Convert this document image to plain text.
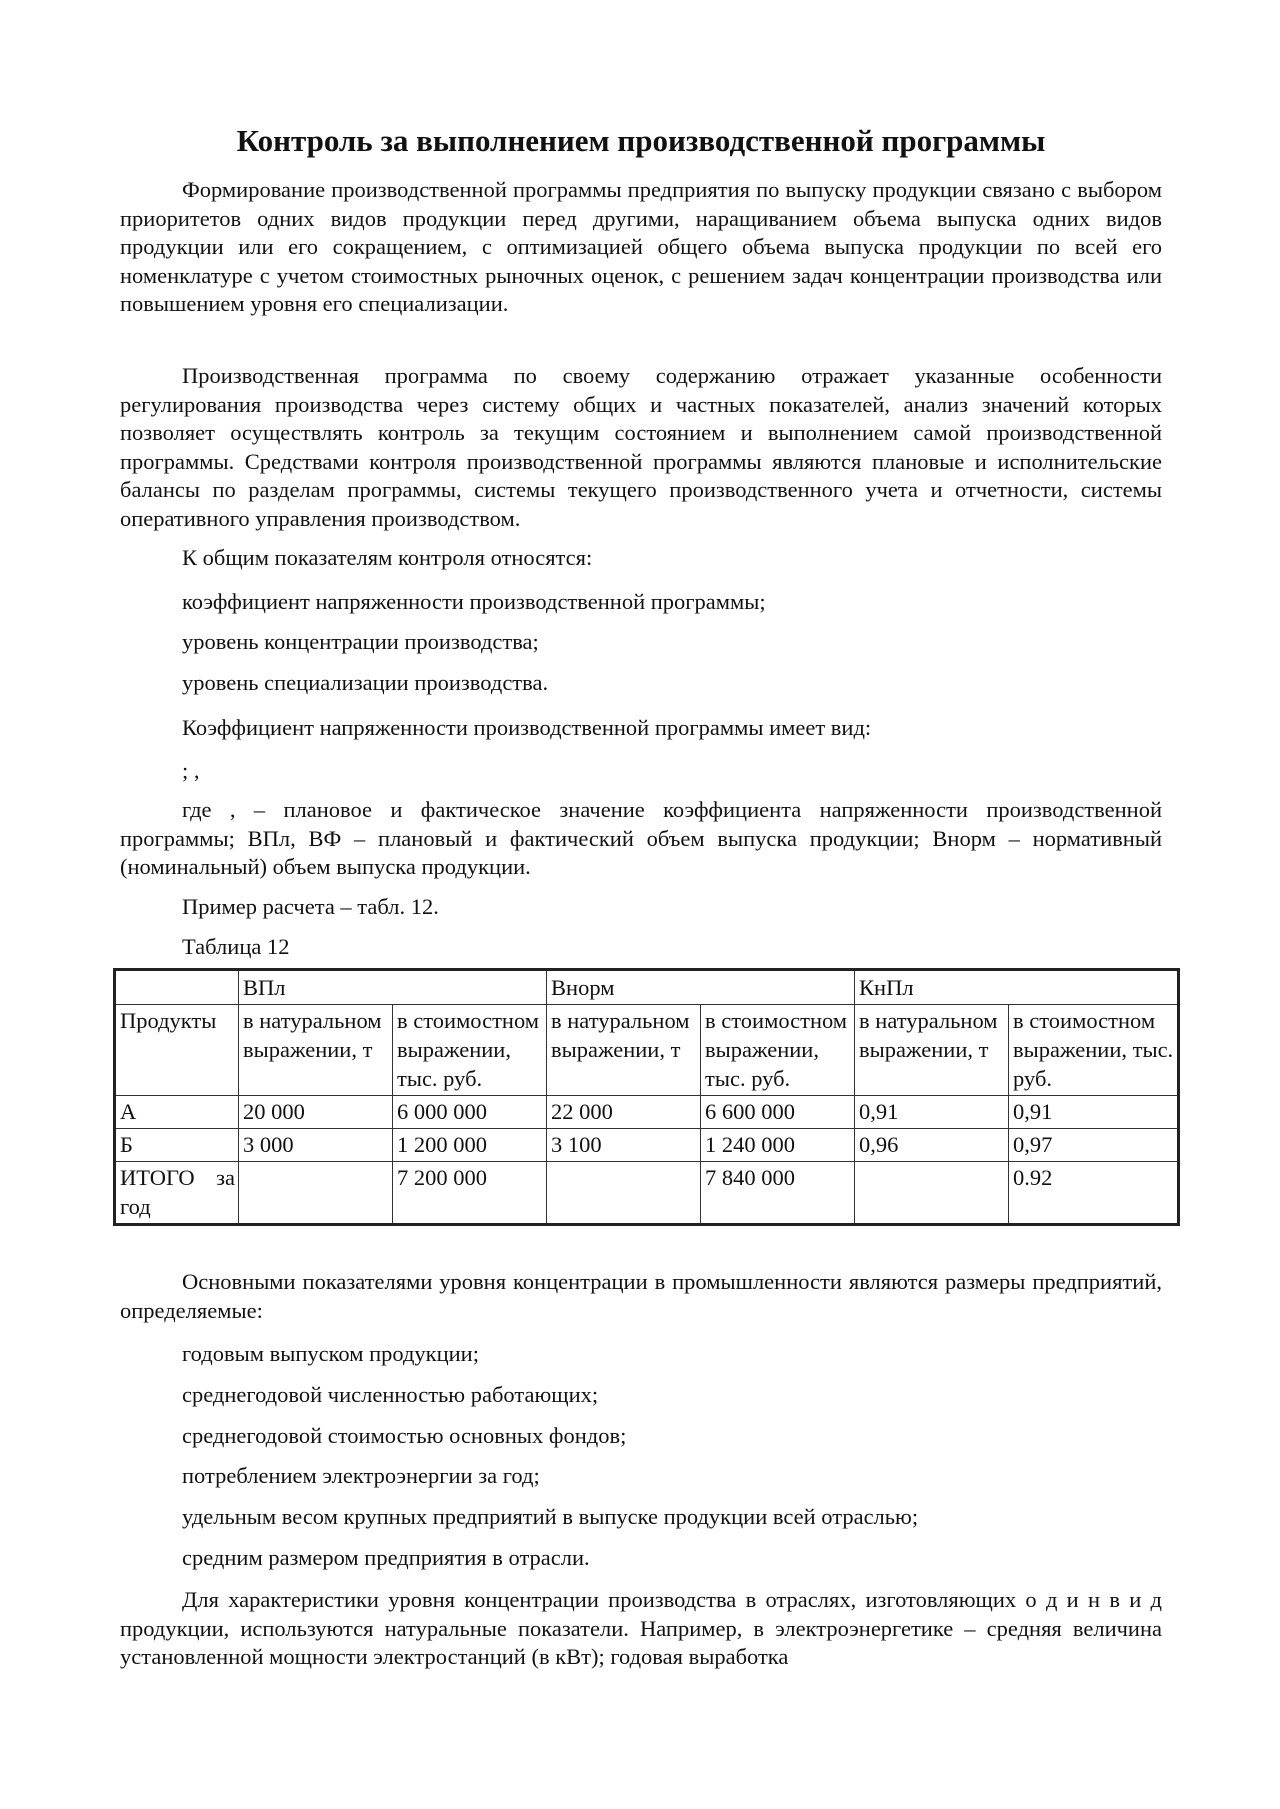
Контроль за выполнением производственной программы

Формирование производственной программы предприятия по выпуску продукции связано с выбором приоритетов одних видов продукции перед другими, наращиванием объема выпуска одних видов продукции или его сокращением, с оптимизацией общего объема выпуска продукции по всей его номенклатуре с учетом стоимостных рыночных оценок, с решением задач концентрации производства или повышением уровня его специализации.

Производственная программа по своему содержанию отражает указанные особенности регулирования производства через систему общих и частных показателей, анализ значений которых позволяет осуществлять контроль за текущим состоянием и выполнением самой производственной программы. Средствами контроля производственной программы являются плановые и исполнительские балансы по разделам программы, системы текущего производственного учета и отчетности, системы оперативного управления производством.

К общим показателям контроля относятся:

коэффициент напряженности производственной программы;

уровень концентрации производства;

уровень специализации производства.

Коэффициент напряженности производственной программы имеет вид:

; ,

где , – плановое и фактическое значение коэффициента напряженности производственной программы; ВПл, ВФ – плановый и фактический объем выпуска продукции; Внорм – нормативный (номинальный) объем выпуска продукции.

Пример расчета – табл. 12.

Таблица 12

	ВПл		Внорм		КнПл	
Продукты	в натуральном выражении, т	в стоимостном выражении, тыс. руб.	в натуральном выражении, т	в стоимостном выражении, тыс. руб.	в натуральном выражении, т	в стоимостном выражении, тыс. руб.
А	20 000	6 000 000	22 000	6 600 000	0,91	0,91
Б	3 000	1 200 000	3 100	1 240 000	0,96	0,97
ИТОГО за год		7 200 000		7 840 000		0.92

Основными показателями уровня концентрации в промышленности являются размеры предприятий, определяемые:

годовым выпуском продукции;

среднегодовой численностью работающих;

среднегодовой стоимостью основных фондов;

потреблением электроэнергии за год;

удельным весом крупных предприятий в выпуске продукции всей отраслью;

средним размером предприятия в отрасли.

Для характеристики уровня концентрации производства в отраслях, изготовляющих о д и н в и д продукции, используются натуральные показатели. Например, в электроэнергетике – средняя величина установленной мощности электростанций (в кВт); годовая выработка
